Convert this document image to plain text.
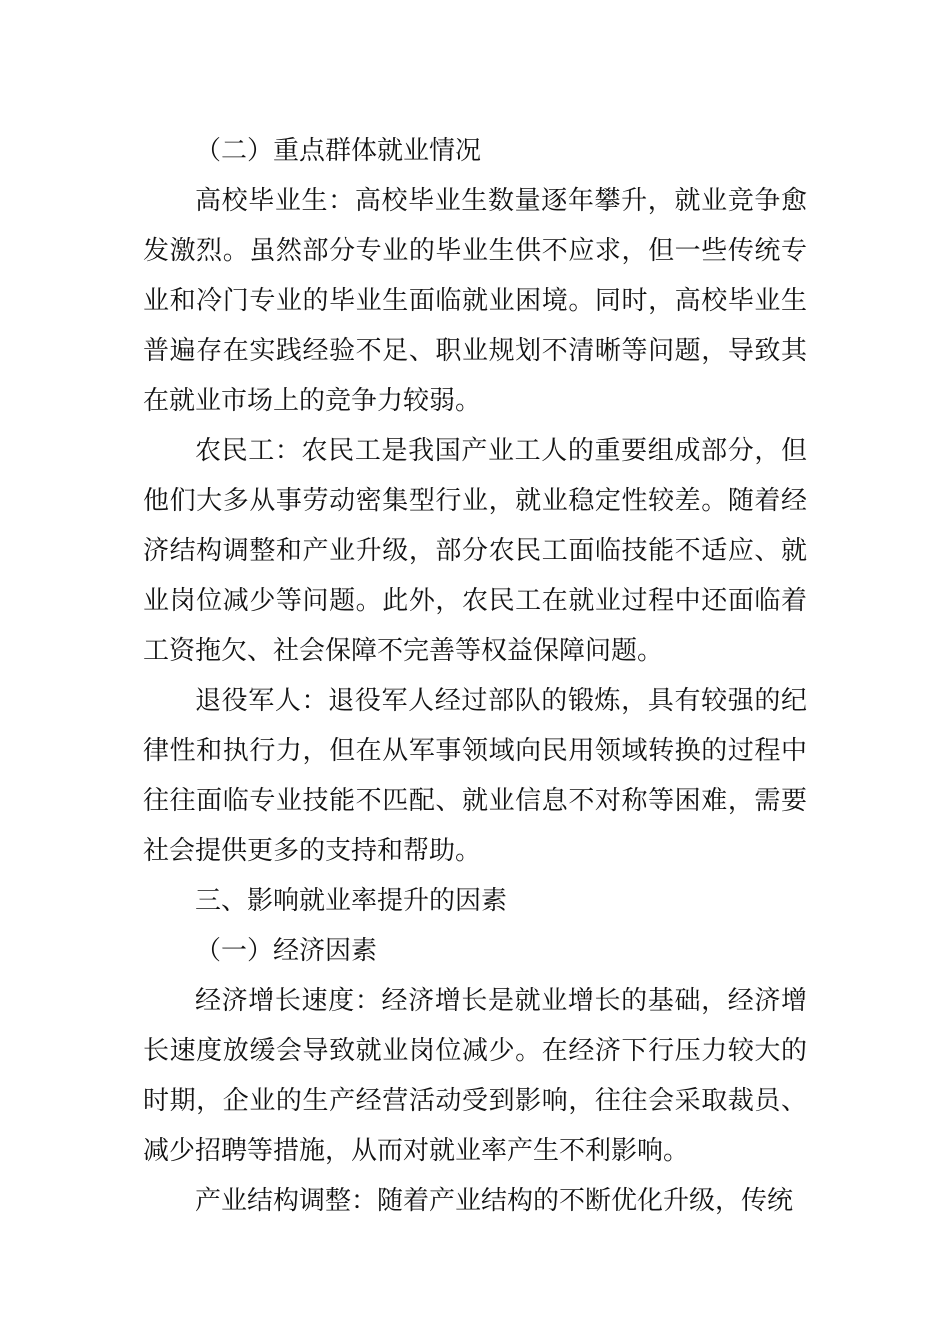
（二）重点群体就业情况

高校毕业生：高校毕业生数量逐年攀升，就业竞争愈发激烈。虽然部分专业的毕业生供不应求，但一些传统专业和冷门专业的毕业生面临就业困境。同时，高校毕业生普遍存在实践经验不足、职业规划不清晰等问题，导致其在就业市场上的竞争力较弱。

农民工：农民工是我国产业工人的重要组成部分，但他们大多从事劳动密集型行业，就业稳定性较差。随着经济结构调整和产业升级，部分农民工面临技能不适应、就业岗位减少等问题。此外，农民工在就业过程中还面临着工资拖欠、社会保障不完善等权益保障问题。

退役军人：退役军人经过部队的锻炼，具有较强的纪律性和执行力，但在从军事领域向民用领域转换的过程中往往面临专业技能不匹配、就业信息不对称等困难，需要社会提供更多的支持和帮助。

三、影响就业率提升的因素

（一）经济因素

经济增长速度：经济增长是就业增长的基础，经济增长速度放缓会导致就业岗位减少。在经济下行压力较大的时期，企业的生产经营活动受到影响，往往会采取裁员、减少招聘等措施，从而对就业率产生不利影响。

产业结构调整：随着产业结构的不断优化升级，传统
